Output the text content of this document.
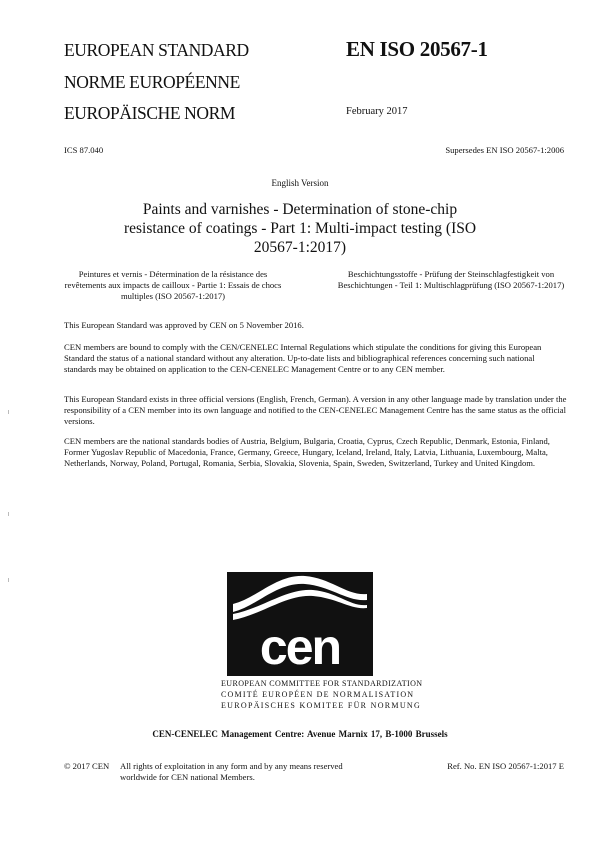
EUROPEAN STANDARD
NORME EUROPÉENNE
EUROPÄISCHE NORM
EN ISO 20567-1
February 2017
ICS 87.040	Supersedes EN ISO 20567-1:2006
English Version
Paints and varnishes - Determination of stone-chip resistance of coatings - Part 1: Multi-impact testing (ISO 20567-1:2017)
Peintures et vernis - Détermination de la résistance des revêtements aux impacts de cailloux - Partie 1: Essais de chocs multiples (ISO 20567-1:2017)
Beschichtungsstoffe - Prüfung der Steinschlagfestigkeit von Beschichtungen - Teil 1: Multischlagprüfung (ISO 20567-1:2017)
This European Standard was approved by CEN on 5 November 2016.
CEN members are bound to comply with the CEN/CENELEC Internal Regulations which stipulate the conditions for giving this European Standard the status of a national standard without any alteration. Up-to-date lists and bibliographical references concerning such national standards may be obtained on application to the CEN-CENELEC Management Centre or to any CEN member.
This European Standard exists in three official versions (English, French, German). A version in any other language made by translation under the responsibility of a CEN member into its own language and notified to the CEN-CENELEC Management Centre has the same status as the official versions.
CEN members are the national standards bodies of Austria, Belgium, Bulgaria, Croatia, Cyprus, Czech Republic, Denmark, Estonia, Finland, Former Yugoslav Republic of Macedonia, France, Germany, Greece, Hungary, Iceland, Ireland, Italy, Latvia, Lithuania, Luxembourg, Malta, Netherlands, Norway, Poland, Portugal, Romania, Serbia, Slovakia, Slovenia, Spain, Sweden, Switzerland, Turkey and United Kingdom.
cen
EUROPEAN COMMITTEE FOR STANDARDIZATION
COMITÉ EUROPÉEN DE NORMALISATION
EUROPÄISCHES KOMITEE FÜR NORMUNG
CEN-CENELEC Management Centre: Avenue Marnix 17, B-1000 Brussels
© 2017 CEN All rights of exploitation in any form and by any means reserved worldwide for CEN national Members.
Ref. No. EN ISO 20567-1:2017 E
